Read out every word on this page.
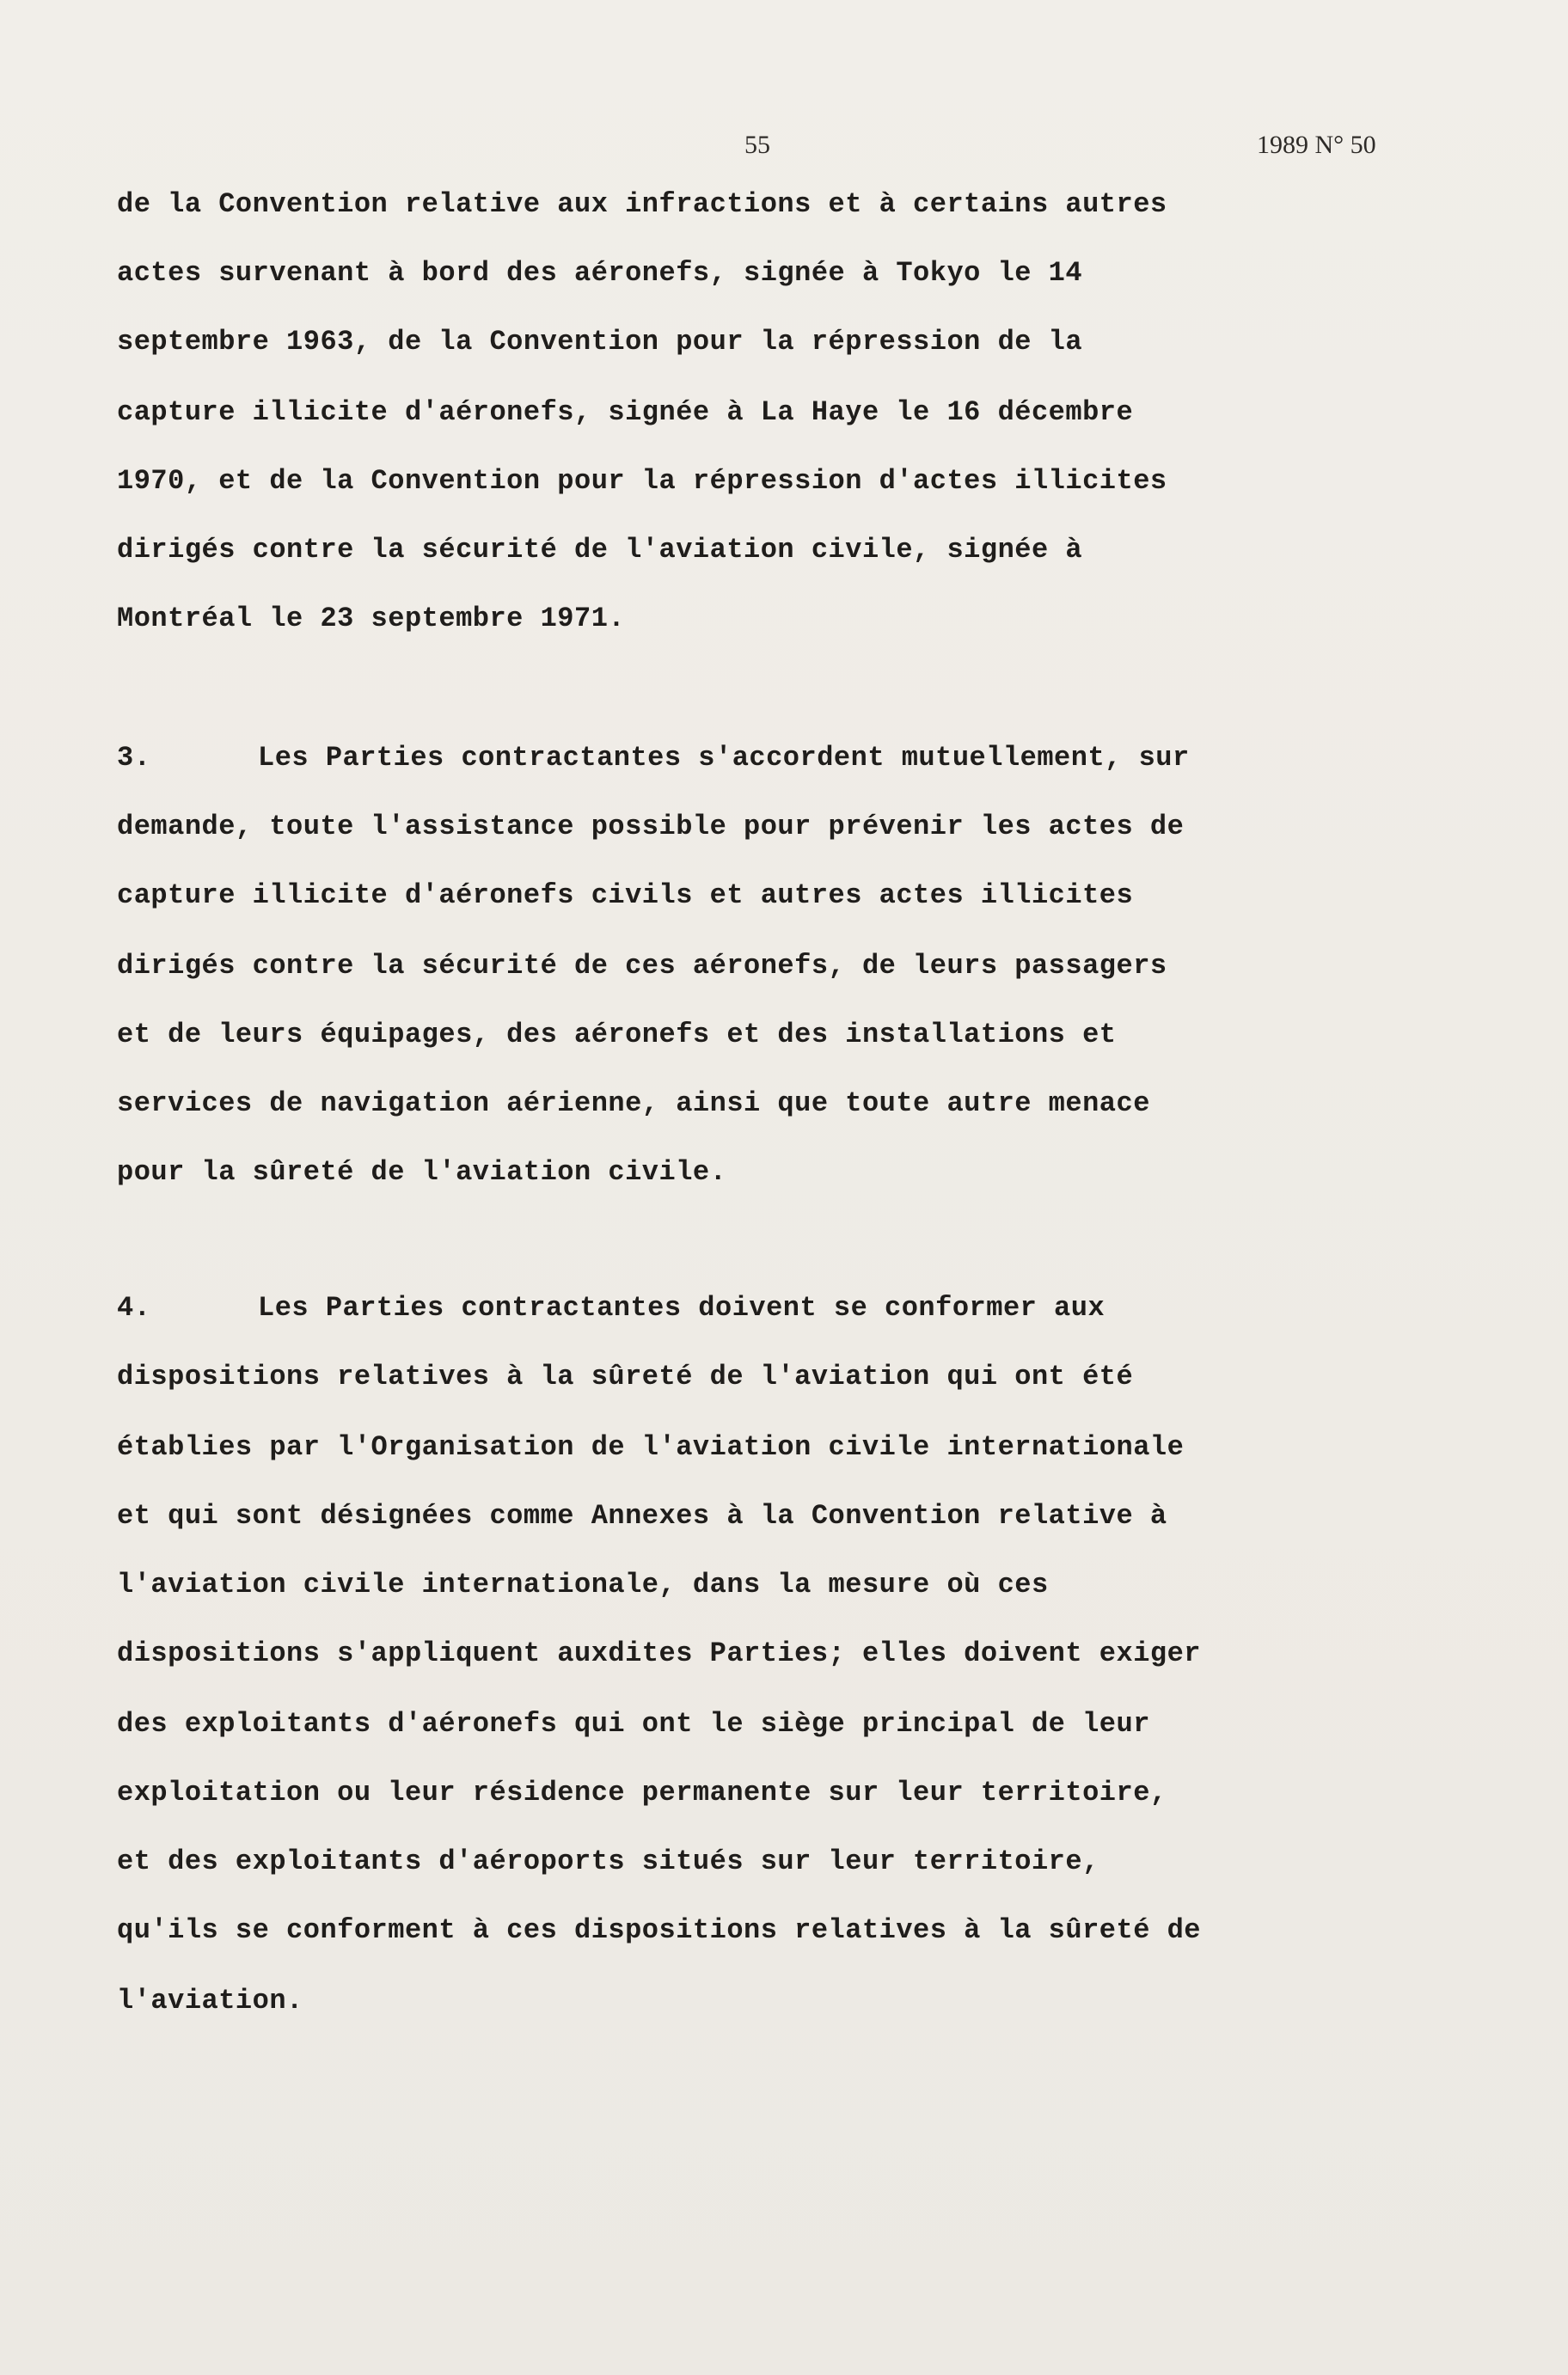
55	1989 N° 50
de la Convention relative aux infractions et à certains autres
actes survenant à bord des aéronefs, signée à Tokyo le 14
septembre 1963, de la Convention pour la répression de la
capture illicite d'aéronefs, signée à La Haye le 16 décembre
1970, et de la Convention pour la répression d'actes illicites
dirigés contre la sécurité de l'aviation civile, signée à
Montréal le 23 septembre 1971.
3.	Les Parties contractantes s'accordent mutuellement, sur
demande, toute l'assistance possible pour prévenir les actes de
capture illicite d'aéronefs civils et autres actes illicites
dirigés contre la sécurité de ces aéronefs, de leurs passagers
et de leurs équipages, des aéronefs et des installations et
services de navigation aérienne, ainsi que toute autre menace
pour la sûreté de l'aviation civile.
4.	Les Parties contractantes doivent se conformer aux
dispositions relatives à la sûreté de l'aviation qui ont été
établies par l'Organisation de l'aviation civile internationale
et qui sont désignées comme Annexes à la Convention relative à
l'aviation civile internationale, dans la mesure où ces
dispositions s'appliquent auxdites Parties; elles doivent exiger
des exploitants d'aéronefs qui ont le siège principal de leur
exploitation ou leur résidence permanente sur leur territoire,
et des exploitants d'aéroports situés sur leur territoire,
qu'ils se conforment à ces dispositions relatives à la sûreté de
l'aviation.
